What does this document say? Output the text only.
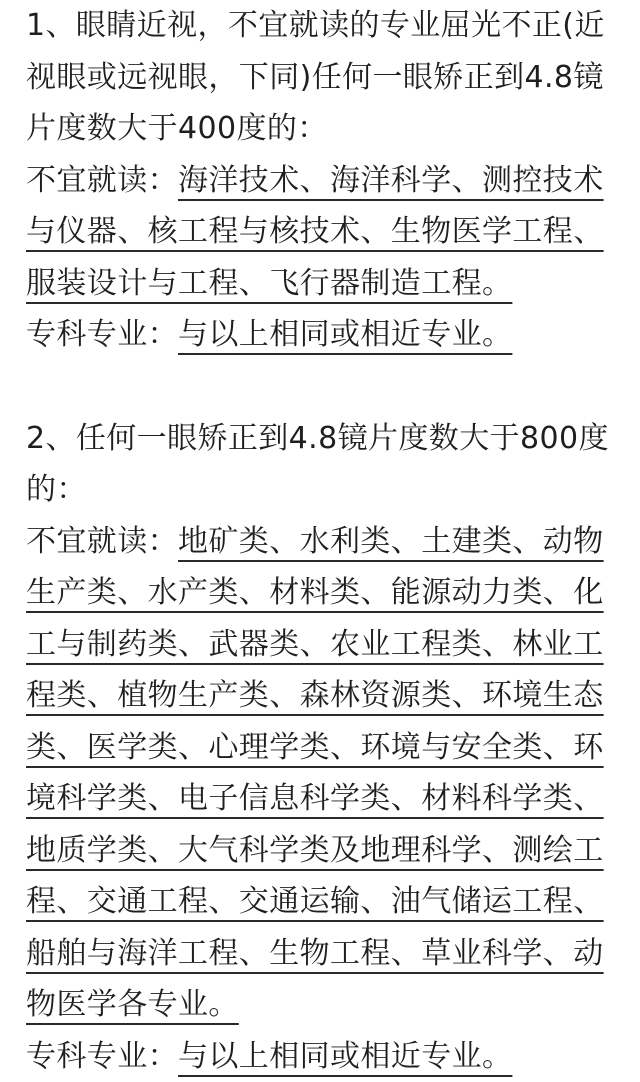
1、眼睛近视，不宜就读的专业屈光不正(近视眼或远视眼，下同)任何一眼矫正到4.8镜片度数大于400度的：

不宜就读：海洋技术、海洋科学、测控技术与仪器、核工程与核技术、生物医学工程、服装设计与工程、飞行器制造工程。

专科专业：与以上相同或相近专业。

2、任何一眼矫正到4.8镜片度数大于800度的：

不宜就读：地矿类、水利类、土建类、动物生产类、水产类、材料类、能源动力类、化工与制药类、武器类、农业工程类、林业工程类、植物生产类、森林资源类、环境生态类、医学类、心理学类、环境与安全类、环境科学类、电子信息科学类、材料科学类、地质学类、大气科学类及地理科学、测绘工程、交通工程、交通运输、油气储运工程、船舶与海洋工程、生物工程、草业科学、动物医学各专业。

专科专业：与以上相同或相近专业。
